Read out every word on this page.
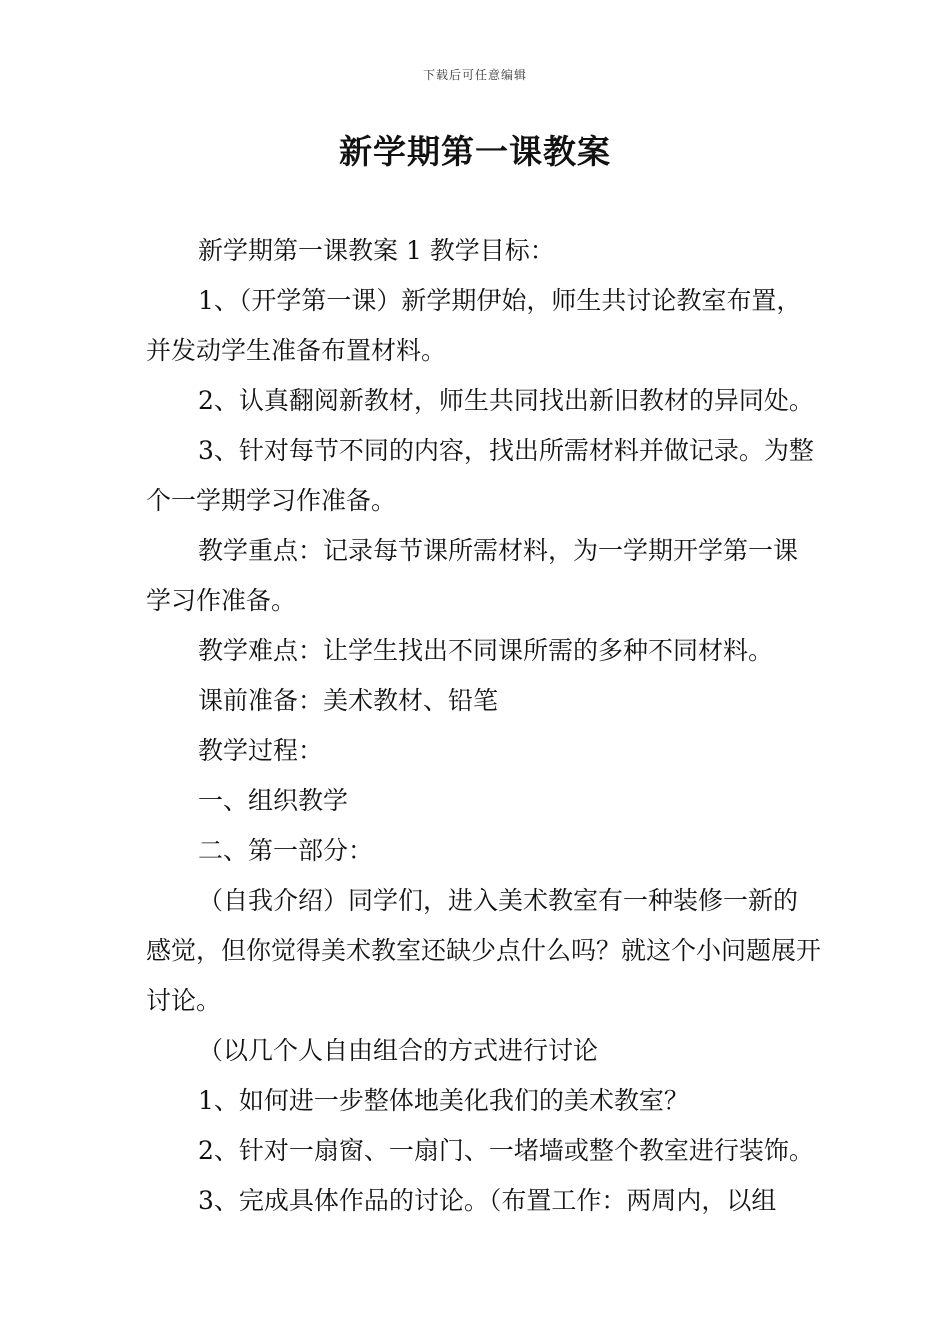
下载后可任意编辑
新学期第一课教案

新学期第一课教案 1 教学目标：

1、（开学第一课）新学期伊始，师生共讨论教室布置，并发动学生准备布置材料。

2、认真翻阅新教材，师生共同找出新旧教材的异同处。

3、针对每节不同的内容，找出所需材料并做记录。为整个一学期学习作准备。

教学重点：记录每节课所需材料，为一学期开学第一课学习作准备。

教学难点：让学生找出不同课所需的多种不同材料。

课前准备：美术教材、铅笔

教学过程：

一、组织教学

二、第一部分：

（自我介绍）同学们，进入美术教室有一种装修一新的感觉，但你觉得美术教室还缺少点什么吗？就这个小问题展开讨论。

（以几个人自由组合的方式进行讨论

1、如何进一步整体地美化我们的美术教室？

2、针对一扇窗、一扇门、一堵墙或整个教室进行装饰。

3、完成具体作品的讨论。（布置工作：两周内，以组
